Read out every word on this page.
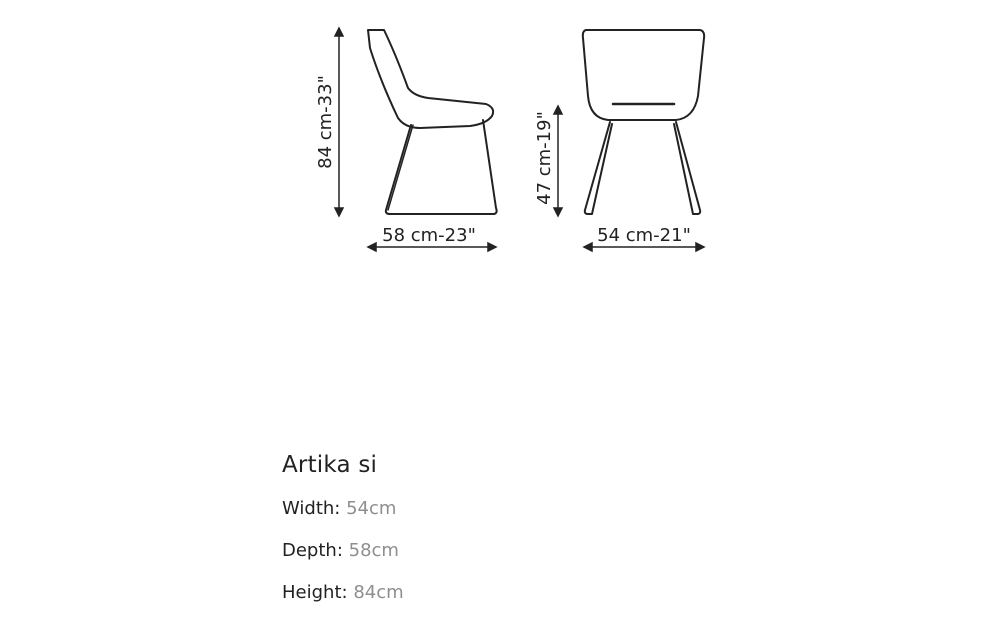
84 cm-33"
58 cm-23"
47 cm-19"
54 cm-21"
Artika si
Width: 54cm
Depth: 58cm
Height: 84cm
